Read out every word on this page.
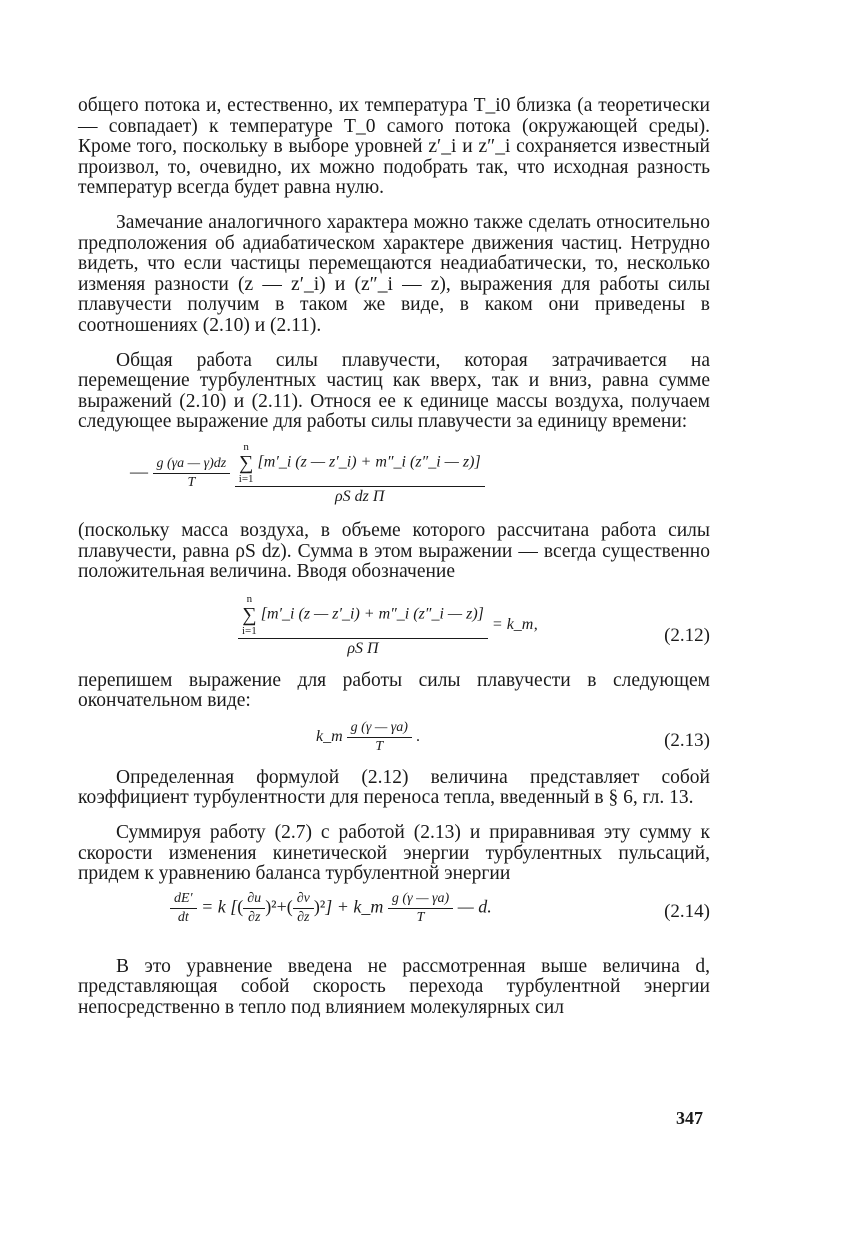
общего потока и, естественно, их температура T_i0 близка (а теоретически — совпадает) к температуре T_0 самого потока (окружающей среды). Кроме того, поскольку в выборе уровней z′_i и z″_i сохраняется известный произвол, то, очевидно, их можно подобрать так, что исходная разность температур всегда будет равна нулю.

Замечание аналогичного характера можно также сделать относительно предположения об адиабатическом характере движения частиц. Нетрудно видеть, что если частицы перемещаются неадиабатически, то, несколько изменяя разности (z — z′_i) и (z″_i — z), выражения для работы силы плавучести получим в таком же виде, в каком они приведены в соотношениях (2.10) и (2.11).

Общая работа силы плавучести, которая затрачивается на перемещение турбулентных частиц как вверх, так и вниз, равна сумме выражений (2.10) и (2.11). Относя ее к единице массы воздуха, получаем следующее выражение для работы силы плавучести за единицу времени:

— $\frac{g (\gamma a — \gamma)dz}{T}$

n
∑
i=1 [m′_i (z — z′_i) + m″_i (z″_i — z)]
ρS dz Π

(поскольку масса воздуха, в объеме которого рассчитана работа силы плавучести, равна ρS dz). Сумма в этом выражении — всегда существенно положительная величина. Вводя обозначение

n
∑
i=1 [m′_i (z — z′_i) + m″_i (z″_i — z)]
ρS Π
= k_т,
(2.12)

перепишем выражение для работы силы плавучести в следующем окончательном виде:

k_т $\frac{g (\gamma — \gamma a)}{T}$ .	(2.13)

Определенная формулой (2.12) величина представляет собой коэффициент турбулентности для переноса тепла, введенный в § 6, гл. 13.

Суммируя работу (2.7) с работой (2.13) и приравнивая эту сумму к скорости изменения кинетической энергии турбулентных пульсаций, придем к уравнению баланса турбулентной энергии

$\frac{dE'}{dt} = k$ [( $\frac{\partial u}{\partial z} )^2+( \frac{\partial v}{\partial z} )^2$] + k_т $\frac{g (\gamma — \gamma a)}{T}$ — d.	(2.14)

В это уравнение введена не рассмотренная выше величина d, представляющая собой скорость перехода турбулентной энергии непосредственно в тепло под влиянием молекулярных сил

347
